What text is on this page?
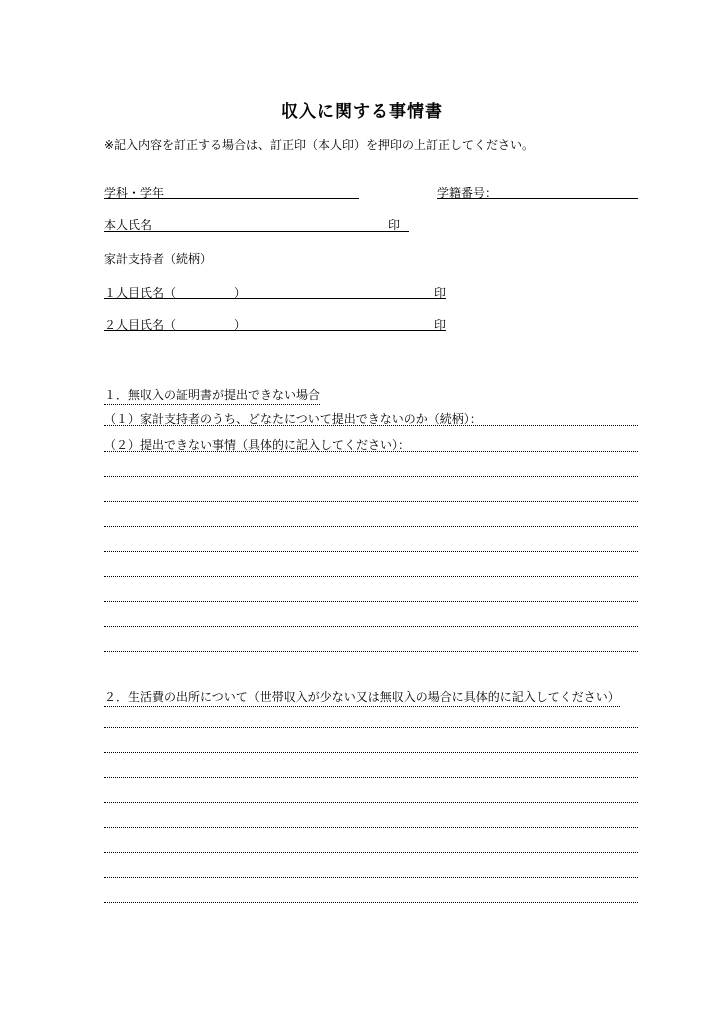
収入に関する事情書
※記入内容を訂正する場合は、訂正印（本人印）を押印の上訂正してください。
学科・学年	学籍番号：
本人氏名	印
家計支持者（続柄）
１人目氏名（	）	印
２人目氏名（	）	印
１．無収入の証明書が提出できない場合
（１）家計支持者のうち、どなたについて提出できないのか（続柄）：
（２）提出できない事情（具体的に記入してください）：
２．生活費の出所について（世帯収入が少ない又は無収入の場合に具体的に記入してください）
